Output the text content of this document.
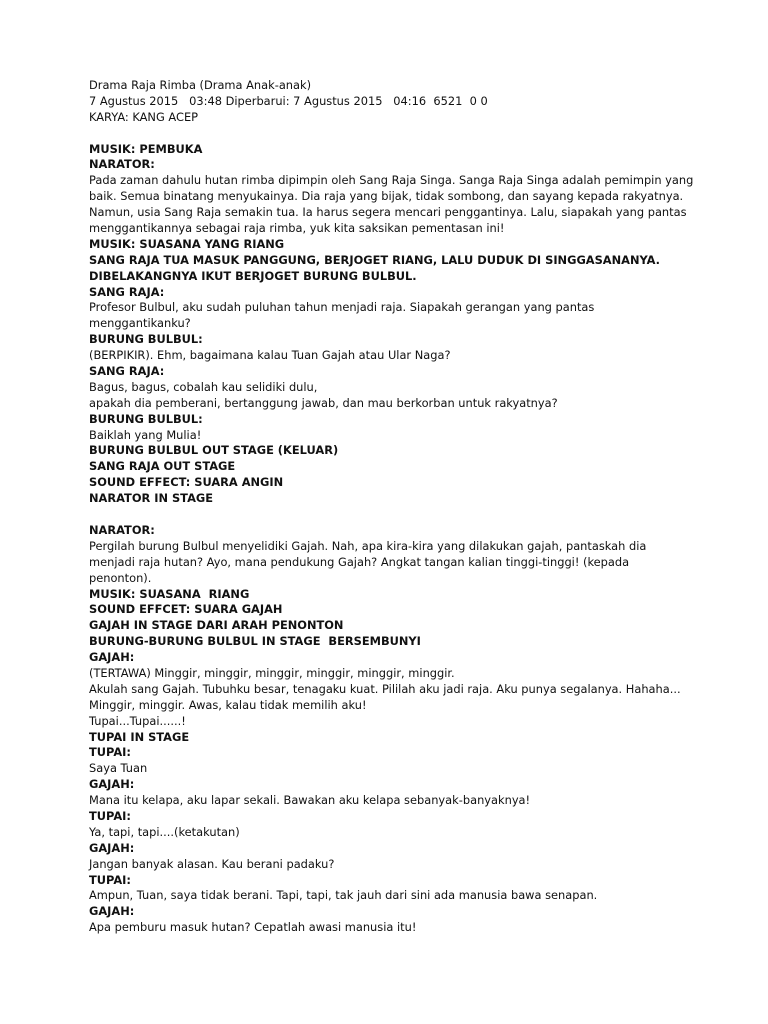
Drama Raja Rimba (Drama Anak-anak)
7 Agustus 2015   03:48 Diperbarui: 7 Agustus 2015   04:16  6521  0 0
KARYA: KANG ACEP
MUSIK: PEMBUKA
NARATOR:
Pada zaman dahulu hutan rimba dipimpin oleh Sang Raja Singa. Sanga Raja Singa adalah pemimpin yang
baik. Semua binatang menyukainya. Dia raja yang bijak, tidak sombong, dan sayang kepada rakyatnya.
Namun, usia Sang Raja semakin tua. Ia harus segera mencari penggantinya. Lalu, siapakah yang pantas
menggantikannya sebagai raja rimba, yuk kita saksikan pementasan ini!
MUSIK: SUASANA YANG RIANG
SANG RAJA TUA MASUK PANGGUNG, BERJOGET RIANG, LALU DUDUK DI SINGGASANANYA.
DIBELAKANGNYA IKUT BERJOGET BURUNG BULBUL.
SANG RAJA:
Profesor Bulbul, aku sudah puluhan tahun menjadi raja. Siapakah gerangan yang pantas
menggantikanku?
BURUNG BULBUL:
(BERPIKIR). Ehm, bagaimana kalau Tuan Gajah atau Ular Naga?
SANG RAJA:
Bagus, bagus, cobalah kau selidiki dulu,
apakah dia pemberani, bertanggung jawab, dan mau berkorban untuk rakyatnya?
BURUNG BULBUL:
Baiklah yang Mulia!
BURUNG BULBUL OUT STAGE (KELUAR)
SANG RAJA OUT STAGE
SOUND EFFECT: SUARA ANGIN
NARATOR IN STAGE
NARATOR:
Pergilah burung Bulbul menyelidiki Gajah. Nah, apa kira-kira yang dilakukan gajah, pantaskah dia
menjadi raja hutan? Ayo, mana pendukung Gajah? Angkat tangan kalian tinggi-tinggi! (kepada
penonton).
MUSIK: SUASANA  RIANG
SOUND EFFCET: SUARA GAJAH
GAJAH IN STAGE DARI ARAH PENONTON
BURUNG-BURUNG BULBUL IN STAGE  BERSEMBUNYI
GAJAH:
(TERTAWA) Minggir, minggir, minggir, minggir, minggir, minggir.
Akulah sang Gajah. Tubuhku besar, tenagaku kuat. Pililah aku jadi raja. Aku punya segalanya. Hahaha...
Minggir, minggir. Awas, kalau tidak memilih aku!
Tupai...Tupai......!
TUPAI IN STAGE
TUPAI:
Saya Tuan
GAJAH:
Mana itu kelapa, aku lapar sekali. Bawakan aku kelapa sebanyak-banyaknya!
TUPAI:
Ya, tapi, tapi....(ketakutan)
GAJAH:
Jangan banyak alasan. Kau berani padaku?
TUPAI:
Ampun, Tuan, saya tidak berani. Tapi, tapi, tak jauh dari sini ada manusia bawa senapan.
GAJAH:
Apa pemburu masuk hutan? Cepatlah awasi manusia itu!
